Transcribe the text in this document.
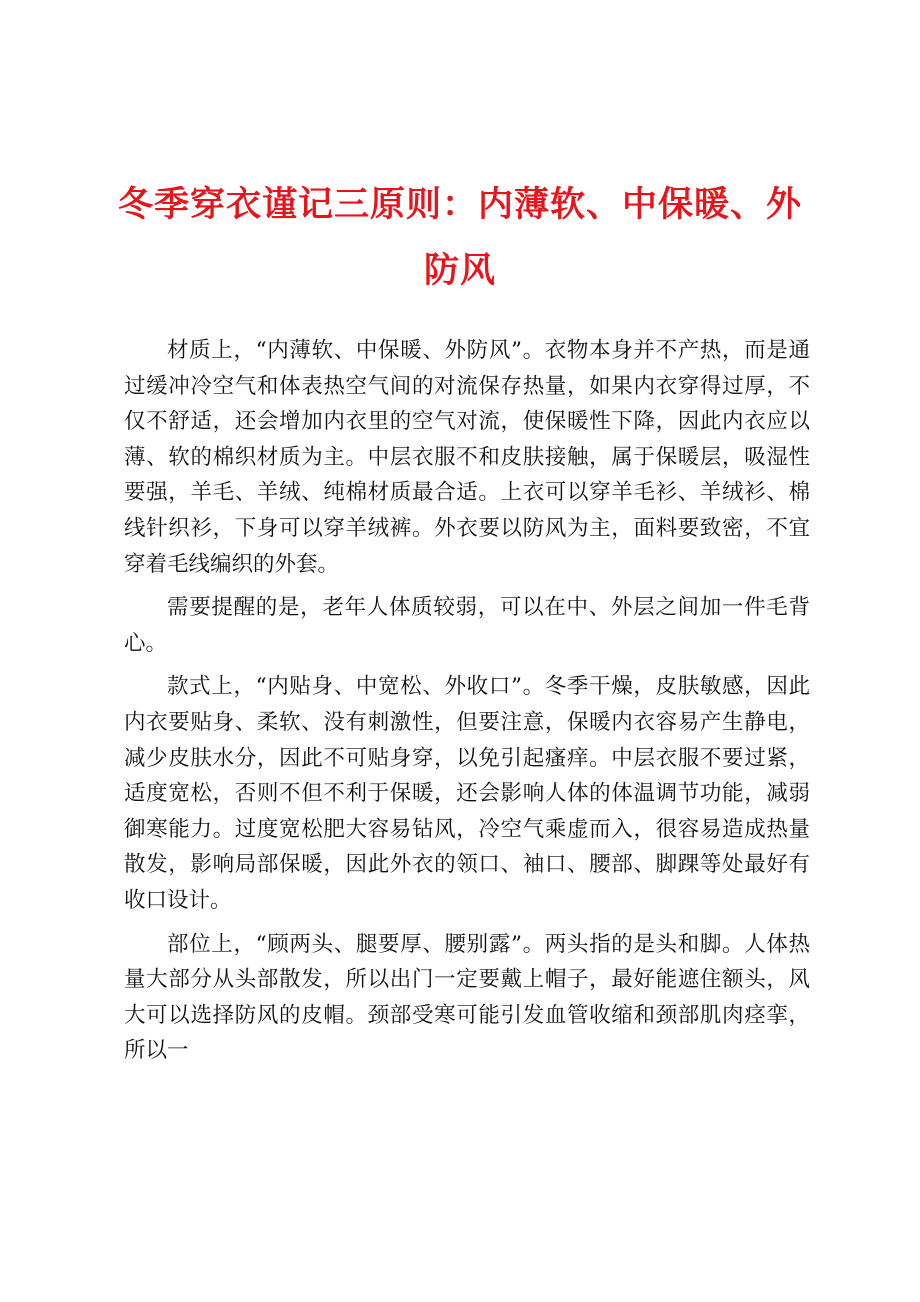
冬季穿衣谨记三原则：内薄软、中保暖、外防风

材质上，“内薄软、中保暖、外防风”。衣物本身并不产热，而是通过缓冲冷空气和体表热空气间的对流保存热量，如果内衣穿得过厚，不仅不舒适，还会增加内衣里的空气对流，使保暖性下降，因此内衣应以薄、软的棉织材质为主。中层衣服不和皮肤接触，属于保暖层，吸湿性要强，羊毛、羊绒、纯棉材质最合适。上衣可以穿羊毛衫、羊绒衫、棉线针织衫，下身可以穿羊绒裤。外衣要以防风为主，面料要致密，不宜穿着毛线编织的外套。

需要提醒的是，老年人体质较弱，可以在中、外层之间加一件毛背心。

款式上，“内贴身、中宽松、外收口”。冬季干燥，皮肤敏感，因此内衣要贴身、柔软、没有刺激性，但要注意，保暖内衣容易产生静电，减少皮肤水分，因此不可贴身穿，以免引起瘙痒。中层衣服不要过紧，适度宽松，否则不但不利于保暖，还会影响人体的体温调节功能，减弱御寒能力。过度宽松肥大容易钻风，冷空气乘虚而入，很容易造成热量散发，影响局部保暖，因此外衣的领口、袖口、腰部、脚踝等处最好有收口设计。

部位上，“顾两头、腿要厚、腰别露”。两头指的是头和脚。人体热量大部分从头部散发，所以出门一定要戴上帽子，最好能遮住额头，风大可以选择防风的皮帽。颈部受寒可能引发血管收缩和颈部肌肉痉挛，所以一
